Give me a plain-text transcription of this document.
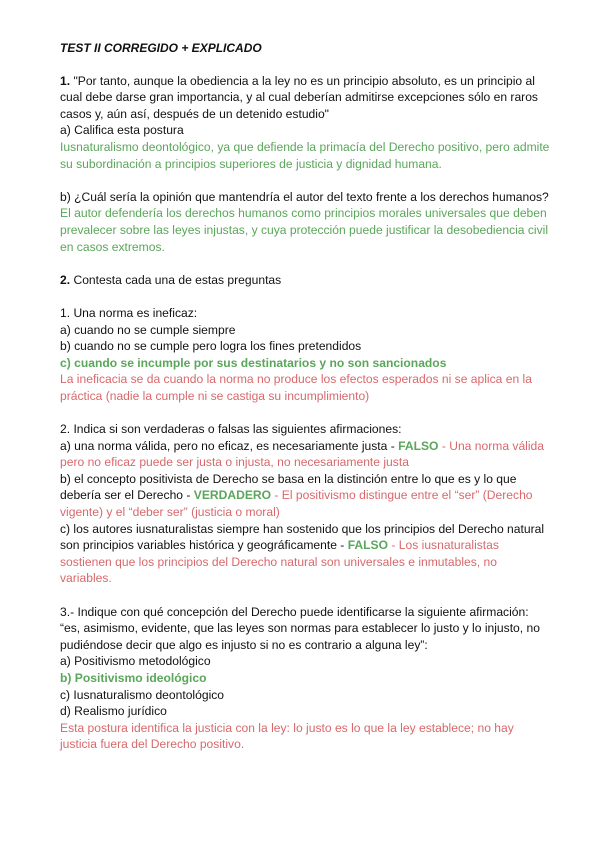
TEST II CORREGIDO + EXPLICADO

1. "Por tanto, aunque la obediencia a la ley no es un principio absoluto, es un principio al cual debe darse gran importancia, y al cual deberían admitirse excepciones sólo en raros casos y, aún así, después de un detenido estudio"

a) Califica esta postura

Iusnaturalismo deontológico, ya que defiende la primacía del Derecho positivo, pero admite su subordinación a principios superiores de justicia y dignidad humana.

b) ¿Cuál sería la opinión que mantendría el autor del texto frente a los derechos humanos?

El autor defendería los derechos humanos como principios morales universales que deben prevalecer sobre las leyes injustas, y cuya protección puede justificar la desobediencia civil en casos extremos.

2. Contesta cada una de estas preguntas

1. Una norma es ineficaz:

a) cuando no se cumple siempre

b) cuando no se cumple pero logra los fines pretendidos

c) cuando se incumple por sus destinatarios y no son sancionados

La ineficacia se da cuando la norma no produce los efectos esperados ni se aplica en la práctica (nadie la cumple ni se castiga su incumplimiento)

2. Indica si son verdaderas o falsas las siguientes afirmaciones:

a) una norma válida, pero no eficaz, es necesariamente justa - FALSO - Una norma válida pero no eficaz puede ser justa o injusta, no necesariamente justa

b) el concepto positivista de Derecho se basa en la distinción entre lo que es y lo que debería ser el Derecho - VERDADERO - El positivismo distingue entre el “ser” (Derecho vigente) y el “deber ser” (justicia o moral)

c) los autores iusnaturalistas siempre han sostenido que los principios del Derecho natural son principios variables histórica y geográficamente - FALSO - Los iusnaturalistas sostienen que los principios del Derecho natural son universales e inmutables, no variables.

3.- Indique con qué concepción del Derecho puede identificarse la siguiente afirmación: “es, asimismo, evidente, que las leyes son normas para establecer lo justo y lo injusto, no pudiéndose decir que algo es injusto si no es contrario a alguna ley”:

a) Positivismo metodológico

b) Positivismo ideológico

c) Iusnaturalismo deontológico

d) Realismo jurídico

Esta postura identifica la justicia con la ley: lo justo es lo que la ley establece; no hay justicia fuera del Derecho positivo.
